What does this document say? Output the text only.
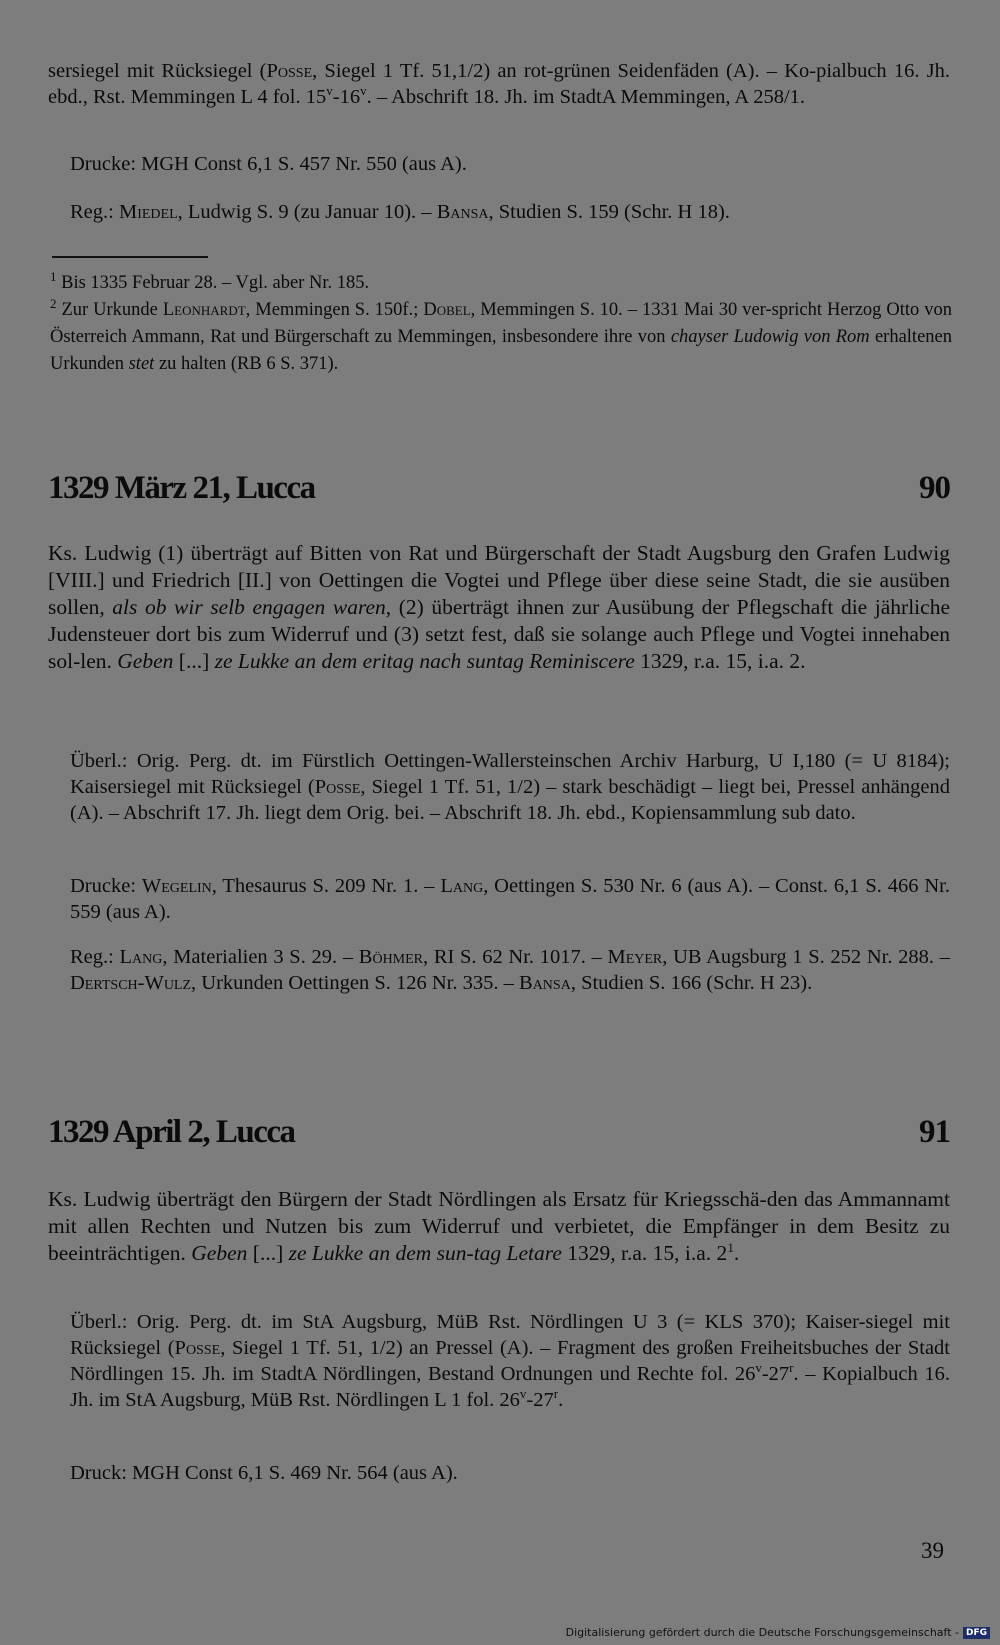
sersiegel mit Rücksiegel (Posse, Siegel 1 Tf. 51,1/2) an rot-grünen Seidenfäden (A). – Ko-pialbuch 16. Jh. ebd., Rst. Memmingen L 4 fol. 15$^v$-16$^v$. – Abschrift 18. Jh. im StadtA Memmingen, A 258/1.
Drucke: MGH Const 6,1 S. 457 Nr. 550 (aus A).
Reg.: Miedel, Ludwig S. 9 (zu Januar 10). – Bansa, Studien S. 159 (Schr. H 18).
$^1$ Bis 1335 Februar 28. – Vgl. aber Nr. 185.
$^2$ Zur Urkunde Leonhardt, Memmingen S. 150f.; Dobel, Memmingen S. 10. – 1331 Mai 30 ver-spricht Herzog Otto von Österreich Ammann, Rat und Bürgerschaft zu Memmingen, insbesondere ihre von chayser Ludowig von Rom erhaltenen Urkunden stet zu halten (RB 6 S. 371).
1329 März 21, Lucca	90
Ks. Ludwig (1) überträgt auf Bitten von Rat und Bürgerschaft der Stadt Augsburg den Grafen Ludwig [VIII.] und Friedrich [II.] von Oettingen die Vogtei und Pflege über diese seine Stadt, die sie ausüben sollen, als ob wir selb engagen waren, (2) überträgt ihnen zur Ausübung der Pflegschaft die jährliche Judensteuer dort bis zum Widerruf und (3) setzt fest, daß sie solange auch Pflege und Vogtei innehaben sol-len. Geben [...] ze Lukke an dem eritag nach suntag Reminiscere 1329, r.a. 15, i.a. 2.
Überl.: Orig. Perg. dt. im Fürstlich Oettingen-Wallersteinschen Archiv Harburg, U I,180 (= U 8184); Kaisersiegel mit Rücksiegel (Posse, Siegel 1 Tf. 51, 1/2) – stark beschädigt – liegt bei, Pressel anhängend (A). – Abschrift 17. Jh. liegt dem Orig. bei. – Abschrift 18. Jh. ebd., Kopiensammlung sub dato.
Drucke: Wegelin, Thesaurus S. 209 Nr. 1. – Lang, Oettingen S. 530 Nr. 6 (aus A). – Const. 6,1 S. 466 Nr. 559 (aus A).
Reg.: Lang, Materialien 3 S. 29. – Böhmer, RI S. 62 Nr. 1017. – Meyer, UB Augsburg 1 S. 252 Nr. 288. – Dertsch-Wulz, Urkunden Oettingen S. 126 Nr. 335. – Bansa, Studien S. 166 (Schr. H 23).
1329 April 2, Lucca	91
Ks. Ludwig überträgt den Bürgern der Stadt Nördlingen als Ersatz für Kriegsschä-den das Ammannamt mit allen Rechten und Nutzen bis zum Widerruf und verbietet, die Empfänger in dem Besitz zu beeinträchtigen. Geben [...] ze Lukke an dem sun-tag Letare 1329, r.a. 15, i.a. $2^1$.
Überl.: Orig. Perg. dt. im StA Augsburg, MüB Rst. Nördlingen U 3 (= KLS 370); Kaiser-siegel mit Rücksiegel (Posse, Siegel 1 Tf. 51, 1/2) an Pressel (A). – Fragment des großen Freiheitsbuches der Stadt Nördlingen 15. Jh. im StadtA Nördlingen, Bestand Ordnungen und Rechte fol. 26$^v$-27$^r$. – Kopialbuch 16. Jh. im StA Augsburg, MüB Rst. Nördlingen L 1 fol. 26$^v$-27$^r$.
Druck: MGH Const 6,1 S. 469 Nr. 564 (aus A).
39
Digitalisierung gefördert durch die Deutsche Forschungsgemeinschaft - DFG
